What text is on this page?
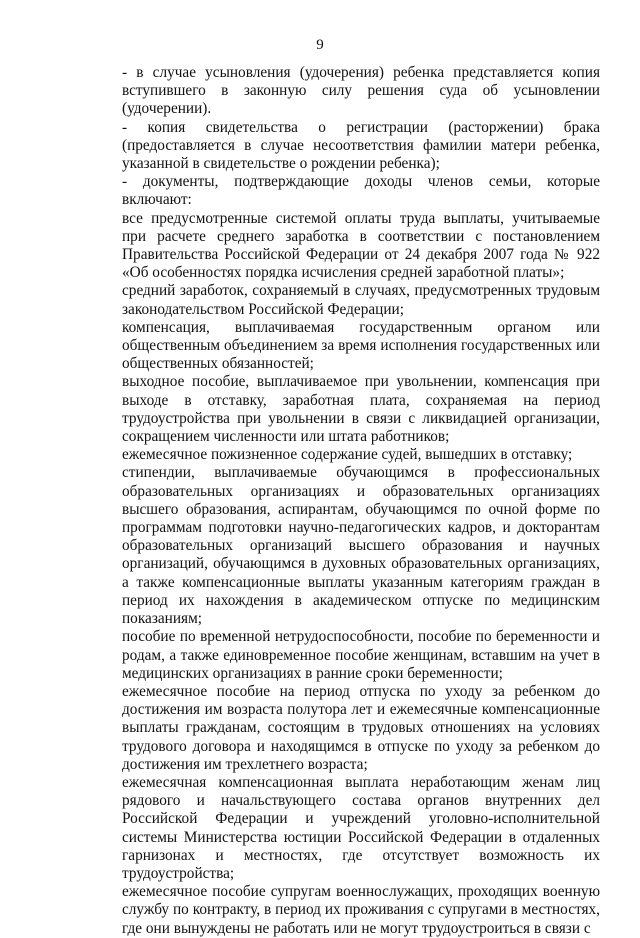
9

- в случае усыновления (удочерения) ребенка представляется копия вступившего в законную силу решения суда об усыновлении (удочерении).

- копия свидетельства о регистрации (расторжении) брака (предоставляется в случае несоответствия фамилии матери ребенка, указанной в свидетельстве о рождении ребенка);

- документы, подтверждающие доходы членов семьи, которые включают:

все предусмотренные системой оплаты труда выплаты, учитываемые при расчете среднего заработка в соответствии с постановлением Правительства Российской Федерации от 24 декабря 2007 года № 922 «Об особенностях порядка исчисления средней заработной платы»;

средний заработок, сохраняемый в случаях, предусмотренных трудовым законодательством Российской Федерации;

компенсация, выплачиваемая государственным органом или общественным объединением за время исполнения государственных или общественных обязанностей;

выходное пособие, выплачиваемое при увольнении, компенсация при выходе в отставку, заработная плата, сохраняемая на период трудоустройства при увольнении в связи с ликвидацией организации, сокращением численности или штата работников;

ежемесячное пожизненное содержание судей, вышедших в отставку;

стипендии, выплачиваемые обучающимся в профессиональных образовательных организациях и образовательных организациях высшего образования, аспирантам, обучающимся по очной форме по программам подготовки научно-педагогических кадров, и докторантам образовательных организаций высшего образования и научных организаций, обучающимся в духовных образовательных организациях, а также компенсационные выплаты указанным категориям граждан в период их нахождения в академическом отпуске по медицинским показаниям;

пособие по временной нетрудоспособности, пособие по беременности и родам, а также единовременное пособие женщинам, вставшим на учет в медицинских организациях в ранние сроки беременности;

ежемесячное пособие на период отпуска по уходу за ребенком до достижения им возраста полутора лет и ежемесячные компенсационные выплаты гражданам, состоящим в трудовых отношениях на условиях трудового договора и находящимся в отпуске по уходу за ребенком до достижения им трехлетнего возраста;

ежемесячная компенсационная выплата неработающим женам лиц рядового и начальствующего состава органов внутренних дел Российской Федерации и учреждений уголовно-исполнительной системы Министерства юстиции Российской Федерации в отдаленных гарнизонах и местностях, где отсутствует возможность их трудоустройства;

ежемесячное пособие супругам военнослужащих, проходящих военную службу по контракту, в период их проживания с супругами в местностях, где они вынуждены не работать или не могут трудоустроиться в связи с
